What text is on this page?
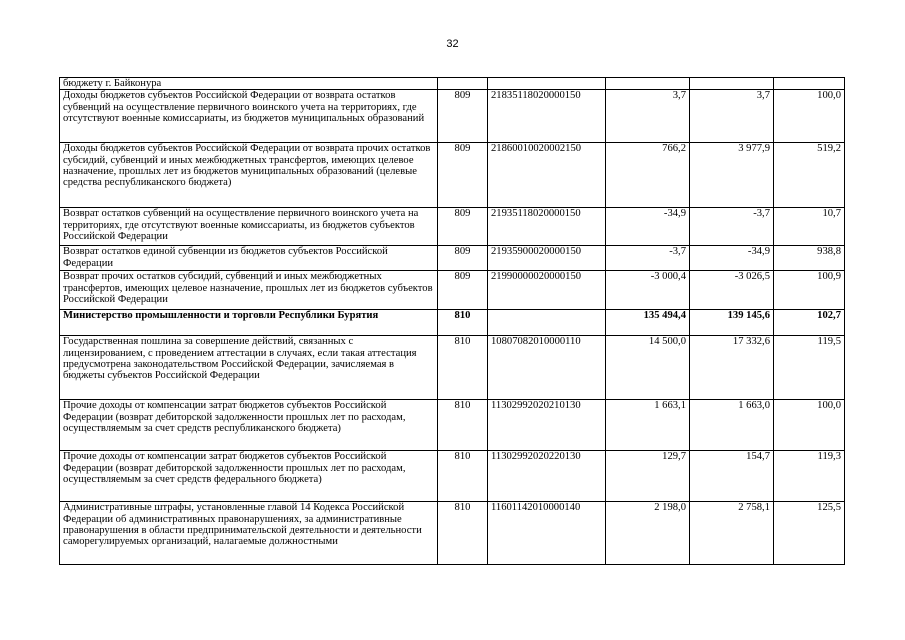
32
бюджету г. Байконура					
Доходы бюджетов субъектов Российской Федерации от возврата остатков субвенций на осуществление первичного воинского учета на территориях, где отсутствуют военные комиссариаты, из бюджетов муниципальных образований	809	21835118020000150	3,7	3,7	100,0
Доходы бюджетов субъектов Российской Федерации от возврата прочих остатков субсидий, субвенций и иных межбюджетных трансфертов, имеющих целевое назначение, прошлых лет из бюджетов муниципальных образований (целевые средства республиканского бюджета)	809	21860010020002150	766,2	3 977,9	519,2
Возврат остатков субвенций на осуществление первичного воинского учета на территориях, где отсутствуют военные комиссариаты, из бюджетов субъектов Российской Федерации	809	21935118020000150	-34,9	-3,7	10,7
Возврат остатков единой субвенции из бюджетов субъектов Российской Федерации	809	21935900020000150	-3,7	-34,9	938,8
Возврат прочих остатков субсидий, субвенций и иных межбюджетных трансфертов, имеющих целевое назначение, прошлых лет из бюджетов субъектов Российской Федерации	809	21990000020000150	-3 000,4	-3 026,5	100,9
Министерство промышленности и торговли Республики Бурятия	810		135 494,4	139 145,6	102,7
Государственная пошлина за совершение действий, связанных с лицензированием, с проведением аттестации в случаях, если такая аттестация предусмотрена законодательством Российской Федерации, зачисляемая в бюджеты субъектов Российской Федерации	810	10807082010000110	14 500,0	17 332,6	119,5
Прочие доходы от компенсации затрат бюджетов субъектов Российской Федерации (возврат дебиторской задолженности прошлых лет по расходам, осуществляемым за счет средств республиканского бюджета)	810	11302992020210130	1 663,1	1 663,0	100,0
Прочие доходы от компенсации затрат бюджетов субъектов Российской Федерации (возврат дебиторской задолженности прошлых лет по расходам, осуществляемым за счет средств федерального бюджета)	810	11302992020220130	129,7	154,7	119,3
Административные штрафы, установленные главой 14 Кодекса Российской Федерации об административных правонарушениях, за административные правонарушения в области предпринимательской деятельности и деятельности саморегулируемых организаций, налагаемые должностными	810	11601142010000140	2 198,0	2 758,1	125,5
